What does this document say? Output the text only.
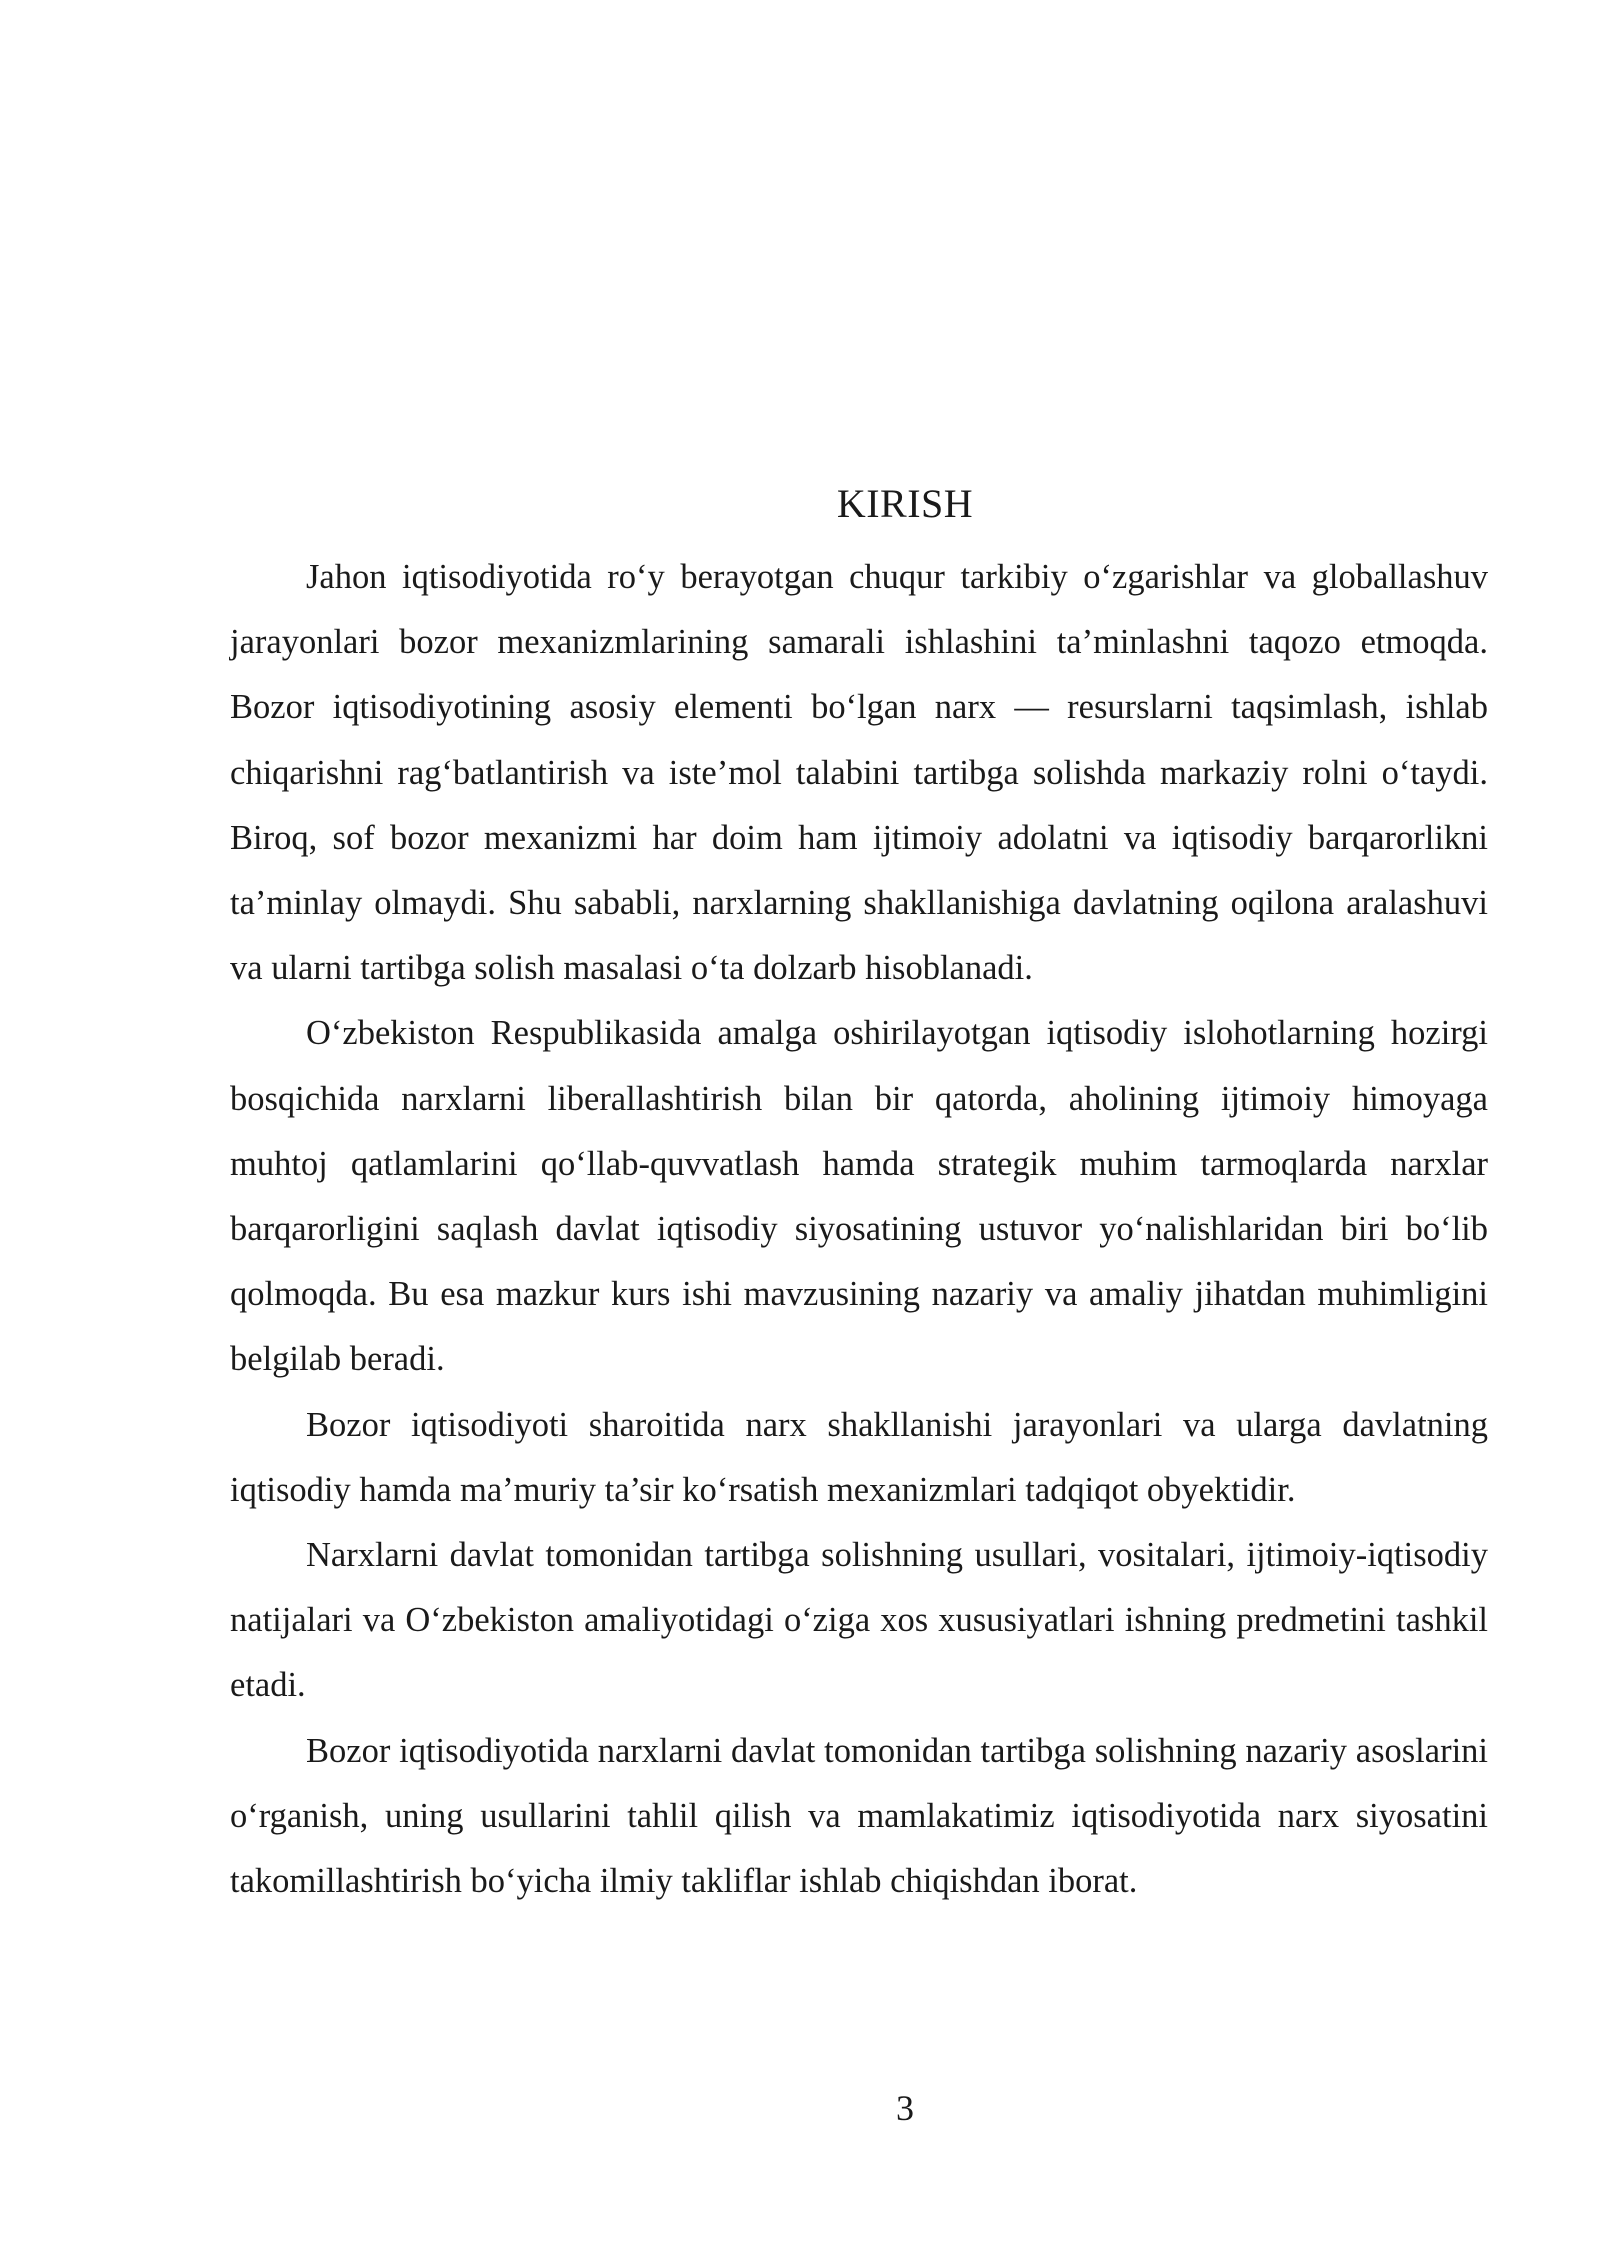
KIRISH

Jahon iqtisodiyotida ro‘y berayotgan chuqur tarkibiy o‘zgarishlar va globallashuv jarayonlari bozor mexanizmlarining samarali ishlashini ta’minlashni taqozo etmoqda. Bozor iqtisodiyotining asosiy elementi bo‘lgan narx — resurslarni taqsimlash, ishlab chiqarishni rag‘batlantirish va iste’mol talabini tartibga solishda markaziy rolni o‘taydi. Biroq, sof bozor mexanizmi har doim ham ijtimoiy adolatni va iqtisodiy barqarorlikni ta’minlay olmaydi. Shu sababli, narxlarning shakllanishiga davlatning oqilona aralashuvi va ularni tartibga solish masalasi o‘ta dolzarb hisoblanadi.

O‘zbekiston Respublikasida amalga oshirilayotgan iqtisodiy islohotlarning hozirgi bosqichida narxlarni liberallashtirish bilan bir qatorda, aholining ijtimoiy himoyaga muhtoj qatlamlarini qo‘llab-quvvatlash hamda strategik muhim tarmoqlarda narxlar barqarorligini saqlash davlat iqtisodiy siyosatining ustuvor yo‘nalishlaridan biri bo‘lib qolmoqda. Bu esa mazkur kurs ishi mavzusining nazariy va amaliy jihatdan muhimligini belgilab beradi.

Bozor iqtisodiyoti sharoitida narx shakllanishi jarayonlari va ularga davlatning iqtisodiy hamda ma’muriy ta’sir ko‘rsatish mexanizmlari tadqiqot obyektidir.

Narxlarni davlat tomonidan tartibga solishning usullari, vositalari, ijtimoiy-iqtisodiy natijalari va O‘zbekiston amaliyotidagi o‘ziga xos xususiyatlari ishning predmetini tashkil etadi.

Bozor iqtisodiyotida narxlarni davlat tomonidan tartibga solishning nazariy asoslarini o‘rganish, uning usullarini tahlil qilish va mamlakatimiz iqtisodiyotida narx siyosatini takomillashtirish bo‘yicha ilmiy takliflar ishlab chiqishdan iborat.

3
